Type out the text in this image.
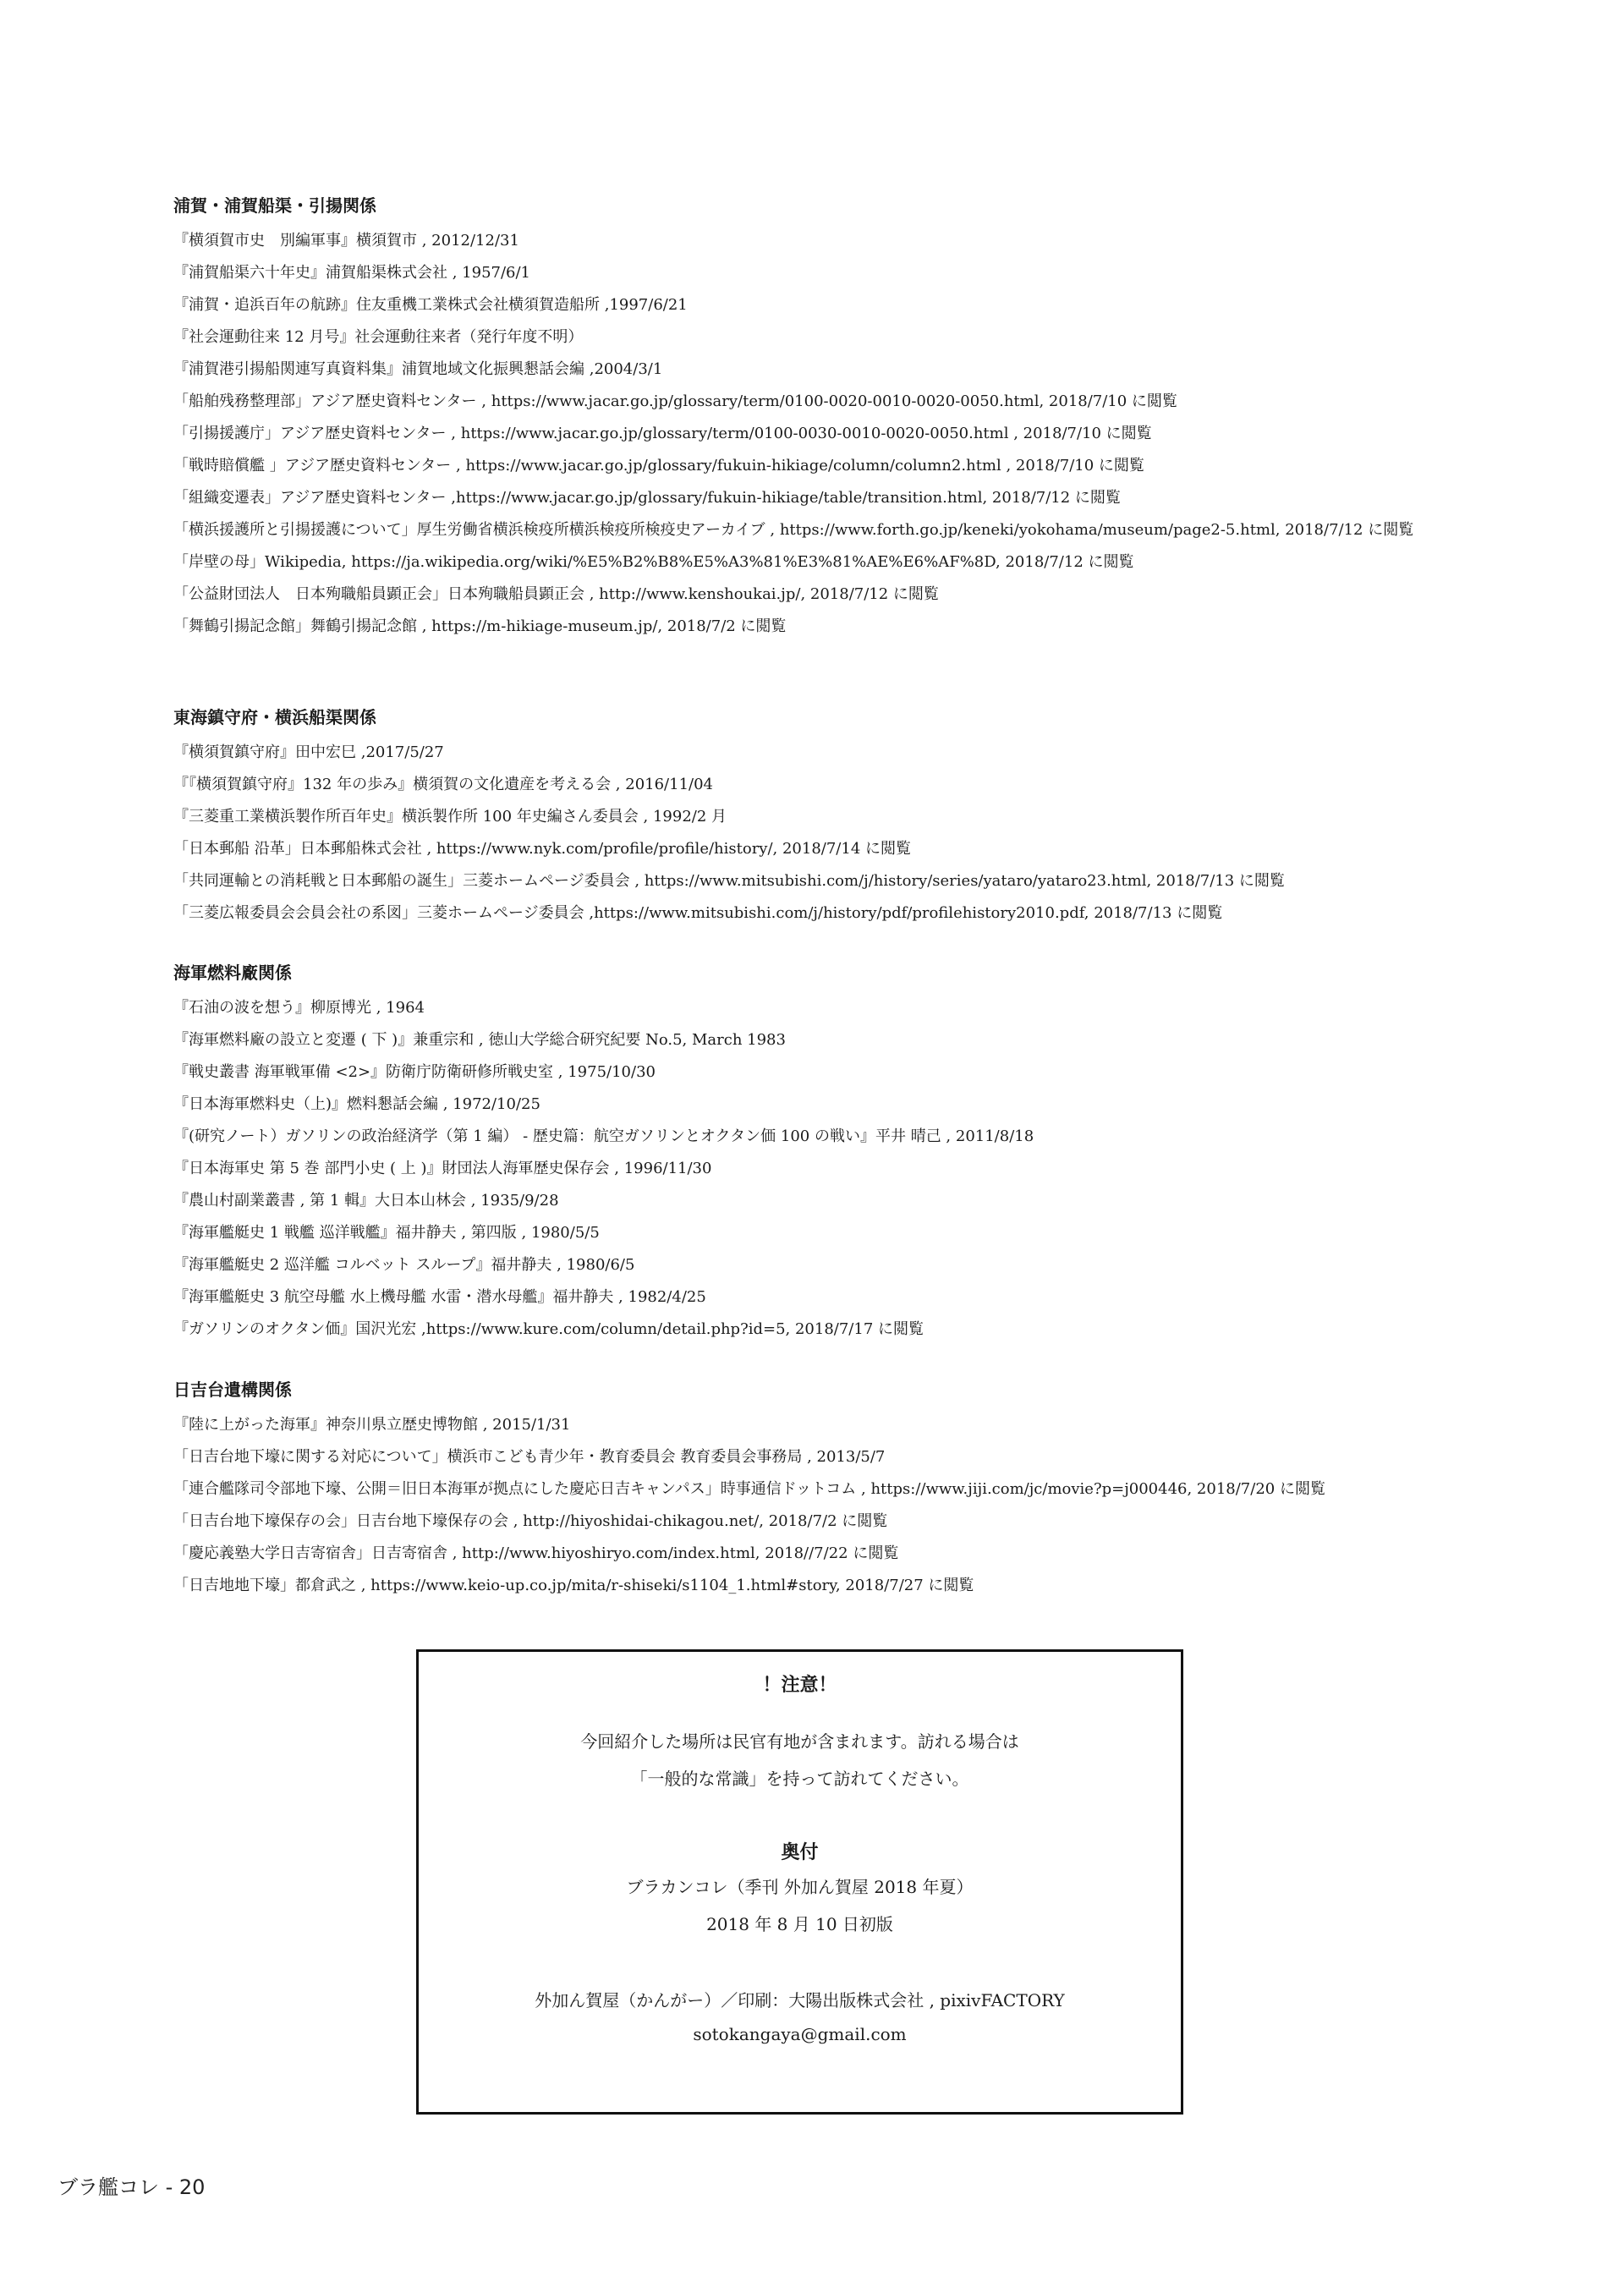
浦賀・浦賀船渠・引揚関係
『横須賀市史　別編軍事』横須賀市 , 2012/12/31
『浦賀船渠六十年史』浦賀船渠株式会社 , 1957/6/1
『浦賀・追浜百年の航跡』住友重機工業株式会社横須賀造船所 ,1997/6/21
『社会運動往来 12 月号』社会運動往来者（発行年度不明）
『浦賀港引揚船関連写真資料集』浦賀地域文化振興懇話会編 ,2004/3/1
「船舶残務整理部」アジア歴史資料センター , https://www.jacar.go.jp/glossary/term/0100-0020-0010-0020-0050.html, 2018/7/10 に閲覧
「引揚援護庁」アジア歴史資料センター , https://www.jacar.go.jp/glossary/term/0100-0030-0010-0020-0050.html , 2018/7/10 に閲覧
「戦時賠償艦 」アジア歴史資料センター , https://www.jacar.go.jp/glossary/fukuin-hikiage/column/column2.html , 2018/7/10 に閲覧
「組織変遷表」アジア歴史資料センター ,https://www.jacar.go.jp/glossary/fukuin-hikiage/table/transition.html, 2018/7/12 に閲覧
「横浜援護所と引揚援護について」厚生労働省横浜検疫所横浜検疫所検疫史アーカイブ , https://www.forth.go.jp/keneki/yokohama/museum/page2-5.html, 2018/7/12 に閲覧
「岸壁の母」Wikipedia, https://ja.wikipedia.org/wiki/%E5%B2%B8%E5%A3%81%E3%81%AE%E6%AF%8D, 2018/7/12 に閲覧
「公益財団法人　日本殉職船員顕正会」日本殉職船員顕正会 , http://www.kenshoukai.jp/, 2018/7/12 に閲覧
「舞鶴引揚記念館」舞鶴引揚記念館 , https://m-hikiage-museum.jp/, 2018/7/2 に閲覧
東海鎮守府・横浜船渠関係
『横須賀鎮守府』田中宏巳 ,2017/5/27
『『横須賀鎮守府』132 年の歩み』横須賀の文化遺産を考える会 , 2016/11/04
『三菱重工業横浜製作所百年史』横浜製作所 100 年史編さん委員会 , 1992/2 月
「日本郵船 沿革」日本郵船株式会社 , https://www.nyk.com/profile/profile/history/, 2018/7/14 に閲覧
「共同運輸との消耗戦と日本郵船の誕生」三菱ホームページ委員会 , https://www.mitsubishi.com/j/history/series/yataro/yataro23.html, 2018/7/13 に閲覧
「三菱広報委員会会員会社の系図」三菱ホームページ委員会 ,https://www.mitsubishi.com/j/history/pdf/profilehistory2010.pdf, 2018/7/13 に閲覧
海軍燃料廠関係
『石油の波を想う』柳原博光 , 1964
『海軍燃料廠の設立と変遷 ( 下 )』兼重宗和 , 徳山大学総合研究紀要 No.5, March 1983
『戦史叢書 海軍戦軍備 <2>』防衛庁防衛研修所戦史室 , 1975/10/30
『日本海軍燃料史（上)』燃料懇話会編 , 1972/10/25
『(研究ノート）ガソリンの政治経済学（第 1 編） - 歴史篇：航空ガソリンとオクタン価 100 の戦い』平井 晴己 , 2011/8/18
『日本海軍史 第 5 巻 部門小史 ( 上 )』財団法人海軍歴史保存会 , 1996/11/30
『農山村副業叢書 , 第 1 輯』大日本山林会 , 1935/9/28
『海軍艦艇史 1 戦艦 巡洋戦艦』福井静夫 , 第四版 , 1980/5/5
『海軍艦艇史 2 巡洋艦 コルベット スループ』福井静夫 , 1980/6/5
『海軍艦艇史 3 航空母艦 水上機母艦 水雷・潜水母艦』福井静夫 , 1982/4/25
『ガソリンのオクタン価』国沢光宏 ,https://www.kure.com/column/detail.php?id=5, 2018/7/17 に閲覧
日吉台遺構関係
『陸に上がった海軍』神奈川県立歴史博物館 , 2015/1/31
「日吉台地下壕に関する対応について」横浜市こども青少年・教育委員会 教育委員会事務局 , 2013/5/7
「連合艦隊司令部地下壕、公開＝旧日本海軍が拠点にした慶応日吉キャンパス」時事通信ドットコム , https://www.jiji.com/jc/movie?p=j000446, 2018/7/20 に閲覧
「日吉台地下壕保存の会」日吉台地下壕保存の会 , http://hiyoshidai-chikagou.net/, 2018/7/2 に閲覧
「慶応義塾大学日吉寄宿舎」日吉寄宿舎 , http://www.hiyoshiryo.com/index.html, 2018//7/22 に閲覧
「日吉地地下壕」都倉武之 , https://www.keio-up.co.jp/mita/r-shiseki/s1104_1.html#story, 2018/7/27 に閲覧
！注意！
今回紹介した場所は民官有地が含まれます。訪れる場合は
「一般的な常識」を持って訪れてください。
奥付
ブラカンコレ（季刊 外加ん賀屋 2018 年夏）
2018 年 8 月 10 日初版
外加ん賀屋（かんがー）／印刷：大陽出版株式会社 , pixivFACTORY
sotokangaya@gmail.com
ブラ艦コレ - 20
